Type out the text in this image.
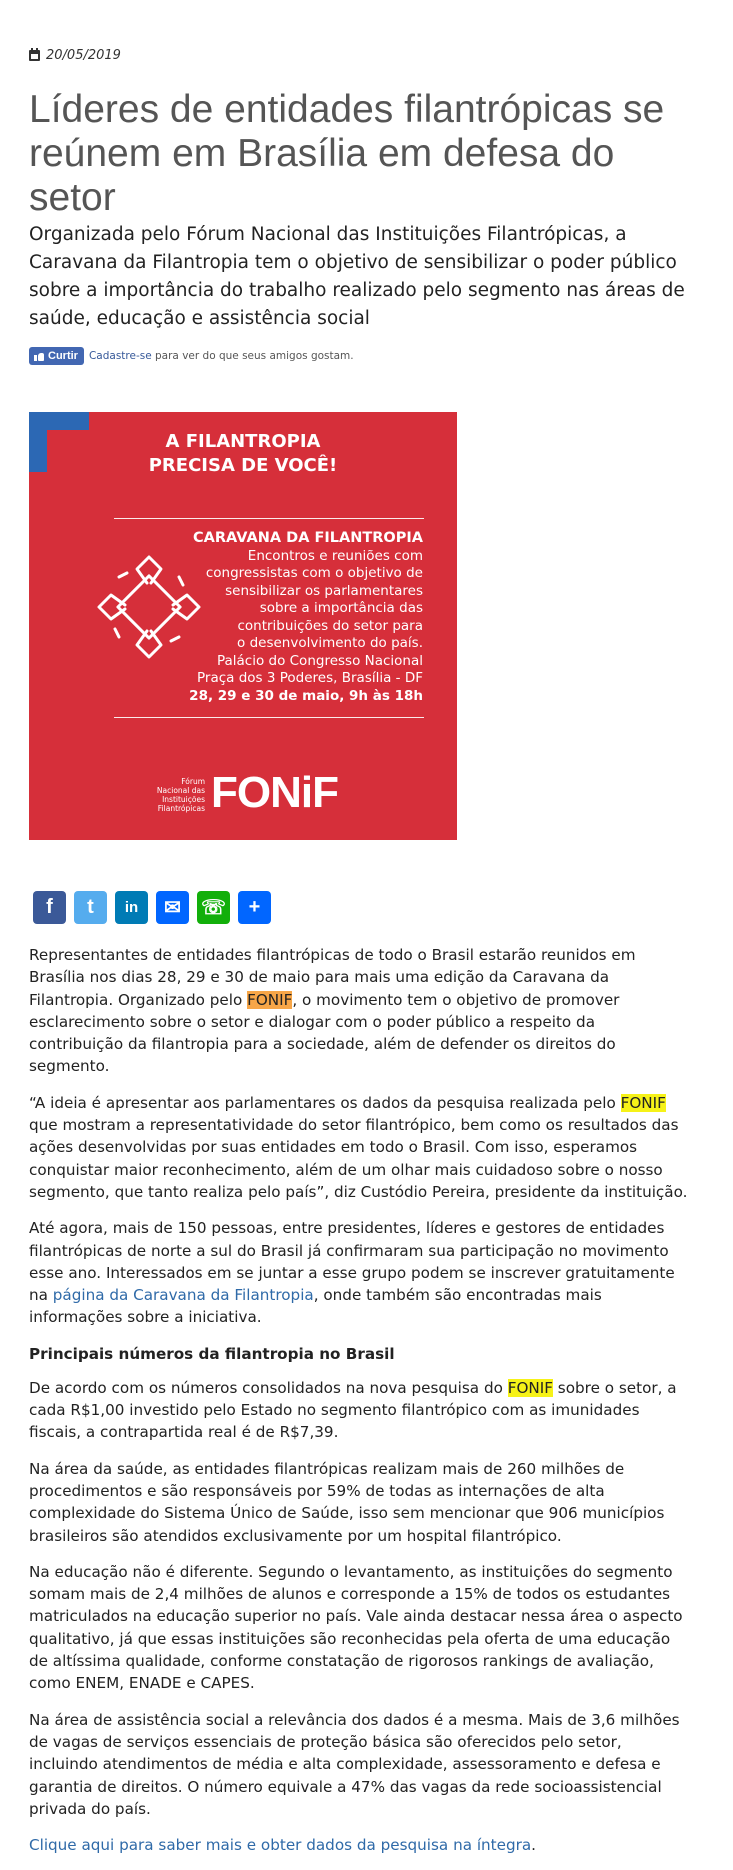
20/05/2019
Líderes de entidades filantrópicas se reúnem em Brasília em defesa do setor

Organizada pelo Fórum Nacional das Instituições Filantrópicas, a Caravana da Filantropia tem o objetivo de sensibilizar o poder público sobre a importância do trabalho realizado pelo segmento nas áreas de saúde, educação e assistência social

Curtir Cadastre-se para ver do que seus amigos gostam.
A FILANTROPIA
PRECISA DE VOCÊ!
CARAVANA DA FILANTROPIA
Encontros e reuniões com
congressistas com o objetivo de
sensibilizar os parlamentares
sobre a importância das
contribuições do setor para
o desenvolvimento do país.
Palácio do Congresso Nacional
Praça dos 3 Poderes, Brasília - DF
28, 29 e 30 de maio, 9h às 18h
Fórum
Nacional das
Instituições
Filantrópicas FONiF
f t in ✉ ☏ +

Representantes de entidades filantrópicas de todo o Brasil estarão reunidos em Brasília nos dias 28, 29 e 30 de maio para mais uma edição da Caravana da Filantropia. Organizado pelo FONIF, o movimento tem o objetivo de promover esclarecimento sobre o setor e dialogar com o poder público a respeito da contribuição da filantropia para a sociedade, além de defender os direitos do segmento.

“A ideia é apresentar aos parlamentares os dados da pesquisa realizada pelo FONIF que mostram a representatividade do setor filantrópico, bem como os resultados das ações desenvolvidas por suas entidades em todo o Brasil. Com isso, esperamos conquistar maior reconhecimento, além de um olhar mais cuidadoso sobre o nosso segmento, que tanto realiza pelo país”, diz Custódio Pereira, presidente da instituição.

Até agora, mais de 150 pessoas, entre presidentes, líderes e gestores de entidades filantrópicas de norte a sul do Brasil já confirmaram sua participação no movimento esse ano. Interessados em se juntar a esse grupo podem se inscrever gratuitamente na página da Caravana da Filantropia, onde também são encontradas mais informações sobre a iniciativa.

Principais números da filantropia no Brasil

De acordo com os números consolidados na nova pesquisa do FONIF sobre o setor, a cada R$1,00 investido pelo Estado no segmento filantrópico com as imunidades fiscais, a contrapartida real é de R$7,39.

Na área da saúde, as entidades filantrópicas realizam mais de 260 milhões de procedimentos e são responsáveis por 59% de todas as internações de alta complexidade do Sistema Único de Saúde, isso sem mencionar que 906 municípios brasileiros são atendidos exclusivamente por um hospital filantrópico.

Na educação não é diferente. Segundo o levantamento, as instituições do segmento somam mais de 2,4 milhões de alunos e corresponde a 15% de todos os estudantes matriculados na educação superior no país. Vale ainda destacar nessa área o aspecto qualitativo, já que essas instituições são reconhecidas pela oferta de uma educação de altíssima qualidade, conforme constatação de rigorosos rankings de avaliação, como ENEM, ENADE e CAPES.

Na área de assistência social a relevância dos dados é a mesma. Mais de 3,6 milhões de vagas de serviços essenciais de proteção básica são oferecidos pelo setor, incluindo atendimentos de média e alta complexidade, assessoramento e defesa e garantia de direitos. O número equivale a 47% das vagas da rede socioassistencial privada do país.

Clique aqui para saber mais e obter dados da pesquisa na íntegra.
